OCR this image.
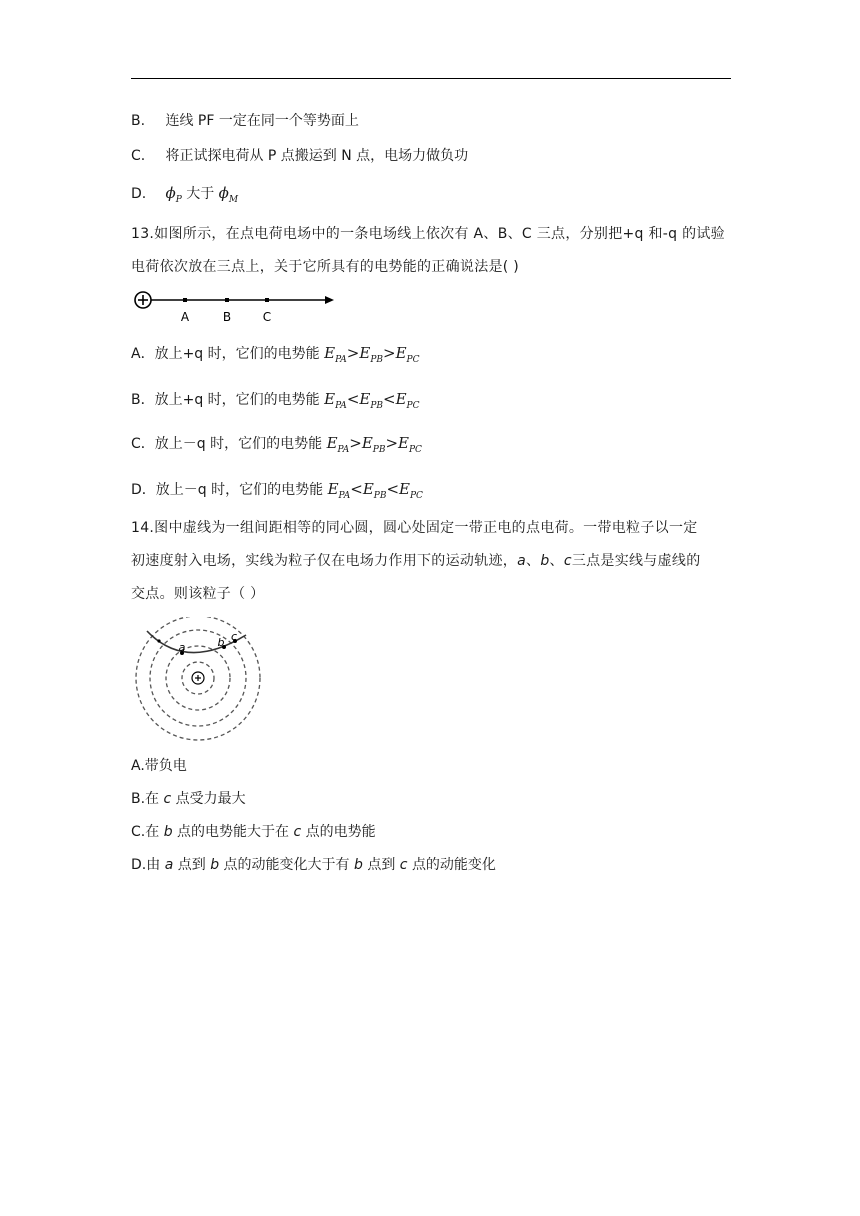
B. 连线 PF 一定在同一个等势面上
C. 将正试探电荷从 P 点搬运到 N 点，电场力做负功
D. $\phi_P$ 大于 $\phi_M$
13.如图所示，在点电荷电场中的一条电场线上依次有 A、B、C 三点，分别把+q 和-q 的试验
电荷依次放在三点上，关于它所具有的电势能的正确说法是( )
A	B	C
A．放上+q 时，它们的电势能 $E_{PA}>E_{PB}>E_{PC}$
B．放上+q 时，它们的电势能 $E_{PA}<E_{PB}<E_{PC}$
C．放上－q 时，它们的电势能 $E_{PA}>E_{PB}>E_{PC}$
D．放上－q 时，它们的电势能 $E_{PA}<E_{PB}<E_{PC}$
14.图中虚线为一组间距相等的同心圆，圆心处固定一带正电的点电荷。一带电粒子以一定
初速度射入电场，实线为粒子仅在电场力作用下的运动轨迹，a、b、c三点是实线与虚线的
交点。则该粒子（ ）
a	b c
A.带负电
B.在 c 点受力最大
C.在 b 点的电势能大于在 c 点的电势能
D.由 a 点到 b 点的动能变化大于有 b 点到 c 点的动能变化
